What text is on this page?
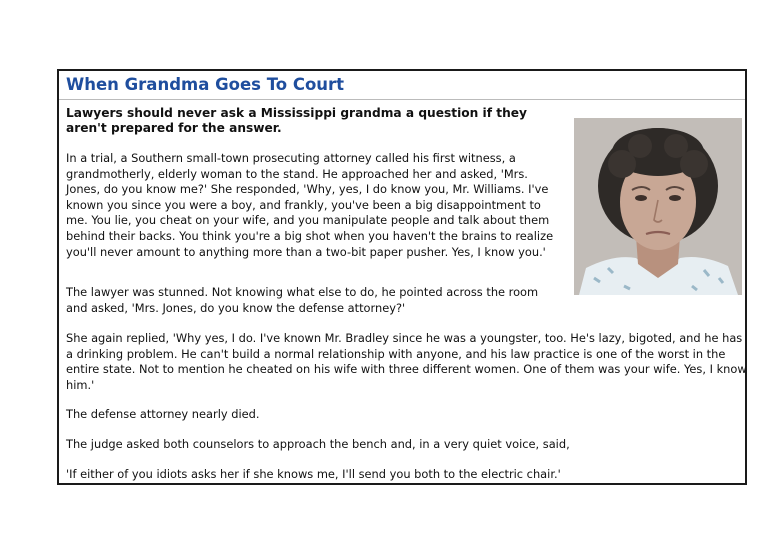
When Grandma Goes To Court

Lawyers should never ask a Mississippi grandma a question if they aren't prepared for the answer.

In a trial, a Southern small-town prosecuting attorney called his first witness, a grandmotherly, elderly woman to the stand. He approached her and asked, 'Mrs. Jones, do you know me?' She responded, 'Why, yes, I do know you, Mr. Williams. I've known you since you were a boy, and frankly, you've been a big disappointment to me. You lie, you cheat on your wife, and you manipulate people and talk about them behind their backs. You think you're a big shot when you haven't the brains to realize you'll never amount to anything more than a two-bit paper pusher. Yes, I know you.'

The lawyer was stunned. Not knowing what else to do, he pointed across the room and asked, 'Mrs. Jones, do you know the defense attorney?'

She again replied, 'Why yes, I do. I've known Mr. Bradley since he was a youngster, too. He's lazy, bigoted, and he has a drinking problem. He can't build a normal relationship with anyone, and his law practice is one of the worst in the entire state. Not to mention he cheated on his wife with three different women. One of them was your wife. Yes, I know him.'

The defense attorney nearly died.

The judge asked both counselors to approach the bench and, in a very quiet voice, said,

'If either of you idiots asks her if she knows me, I'll send you both to the electric chair.'
